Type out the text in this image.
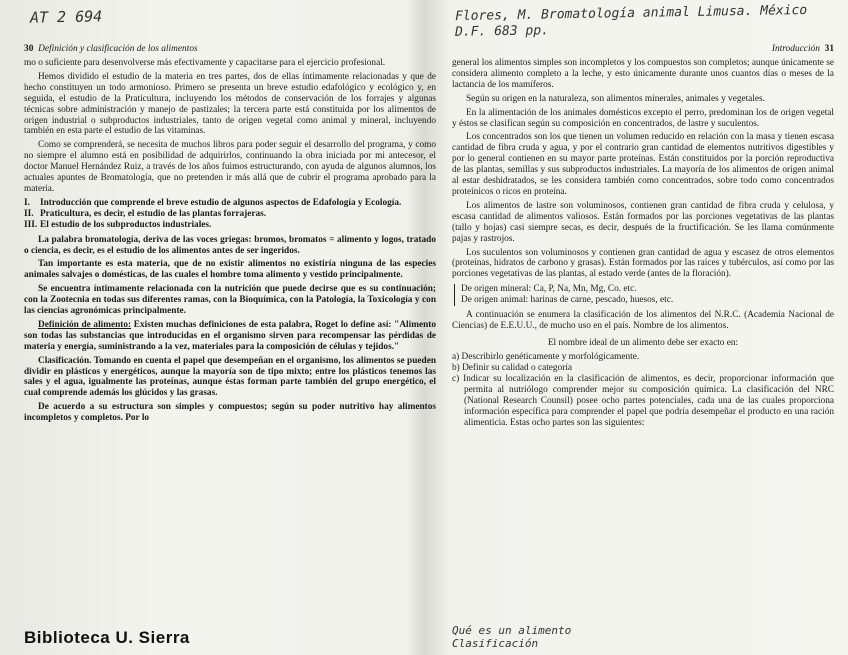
AT 2 694	Flores, M. Bromatología animal Limusa. México
D.F. 683 pp.
30 Definición y clasificación de los alimentos

mo o suficiente para desenvolverse más efectivamente y capacitarse para el ejercicio profesional.

Hemos dividido el estudio de la materia en tres partes, dos de ellas íntimamente relacionadas y que de hecho constituyen un todo armonioso. Primero se presenta un breve estudio edafológico y ecológico y, en seguida, el estudio de la Praticultura, incluyendo los métodos de conservación de los forrajes y algunas técnicas sobre administración y manejo de pastizales; la tercera parte está constituida por los alimentos de origen industrial o subproductos industriales, tanto de origen vegetal como animal y mineral, incluyendo también en esta parte el estudio de las vitaminas.

Como se comprenderá, se necesita de muchos libros para poder seguir el desarrollo del programa, y como no siempre el alumno está en posibilidad de adquirirlos, continuando la obra iniciada por mi antecesor, el doctor Manuel Hernández Ruiz, a través de los años fuimos estructurando, con ayuda de algunos alumnos, los actuales apuntes de Bromatología, que no pretenden ir más allá que de cubrir el programa aprobado para la materia.

I. Introducción que comprende el breve estudio de algunos aspectos de Edafología y Ecología.
II. Praticultura, es decir, el estudio de las plantas forrajeras.
III. El estudio de los subproductos industriales.

La palabra bromatología, deriva de las voces griegas: bromos, bromatos = alimento y logos, tratado o ciencia, es decir, es el estudio de los alimentos antes de ser ingeridos.

Tan importante es esta materia, que de no existir alimentos no existiría ninguna de las especies animales salvajes o domésticas, de las cuales el hombre toma alimento y vestido principalmente.

Se encuentra íntimamente relacionada con la nutrición que puede decirse que es su continuación; con la Zootecnia en todas sus diferentes ramas, con la Bioquímica, con la Patología, la Toxicología y con las ciencias agronómicas principalmente.

Definición de alimento: Existen muchas definiciones de esta palabra, Roget lo define así: "Alimento son todas las substancias que introducidas en el organismo sirven para recompensar las pérdidas de materia y energía, suministrando a la vez, materiales para la composición de células y tejidos."

Clasificación. Tomando en cuenta el papel que desempeñan en el organismo, los alimentos se pueden dividir en plásticos y energéticos, aunque la mayoría son de tipo mixto; entre los plásticos tenemos las sales y el agua, igualmente las proteínas, aunque éstas forman parte también del grupo energético, el cual comprende además los glúcidos y las grasas.

De acuerdo a su estructura son simples y compuestos; según su poder nutritivo hay alimentos incompletos y completos. Por lo

Introducción 31

general los alimentos simples son incompletos y los compuestos son completos; aunque únicamente se considera alimento completo a la leche, y esto únicamente durante unos cuantos días o meses de la lactancia de los mamíferos.

Según su origen en la naturaleza, son alimentos minerales, animales y vegetales.

En la alimentación de los animales domésticos excepto el perro, predominan los de origen vegetal y éstos se clasifican según su composición en concentrados, de lastre y suculentos.

Los concentrados son los que tienen un volumen reducido en relación con la masa y tienen escasa cantidad de fibra cruda y agua, y por el contrario gran cantidad de elementos nutritivos digestibles y por lo general contienen en su mayor parte proteínas. Están constituidos por la porción reproductiva de las plantas, semillas y sus subproductos industriales. La mayoría de los alimentos de origen animal al estar deshidratados, se les considera también como concentrados, sobre todo como concentrados proteínicos o ricos en proteína.

Los alimentos de lastre son voluminosos, contienen gran cantidad de fibra cruda y celulosa, y escasa cantidad de alimentos valiosos. Están formados por las porciones vegetativas de las plantas (tallo y hojas) casi siempre secas, es decir, después de la fructificación. Se les llama comúnmente pajas y rastrojos.

Los suculentos son voluminosos y contienen gran cantidad de agua y escasez de otros elementos (proteínas, hidratos de carbono y grasas). Están formados por las raíces y tubérculos, así como por las porciones vegetativas de las plantas, al estado verde (antes de la floración).

De origen mineral: Ca, P, Na, Mn, Mg, Co. etc.
De origen animal: harinas de carne, pescado, huesos, etc.

A continuación se enumera la clasificación de los alimentos del N.R.C. (Academia Nacional de Ciencias) de E.E.U.U., de mucho uso en el país. Nombre de los alimentos.

El nombre ideal de un alimento debe ser exacto en:
a) Describirlo genéticamente y morfológicamente.
b) Definir su calidad o categoría
c) Indicar su localización en la clasificación de alimentos, es decir, proporcionar información que permita al nutriólogo comprender mejor su composición química. La clasificación del NRC (National Research Counsil) posee ocho partes potenciales, cada una de las cuales proporciona información específica para comprender el papel que podría desempeñar el producto en una ración alimenticia. Estas ocho partes son las siguientes:
Biblioteca U. Sierra	Qué es un alimento
Clasificación
